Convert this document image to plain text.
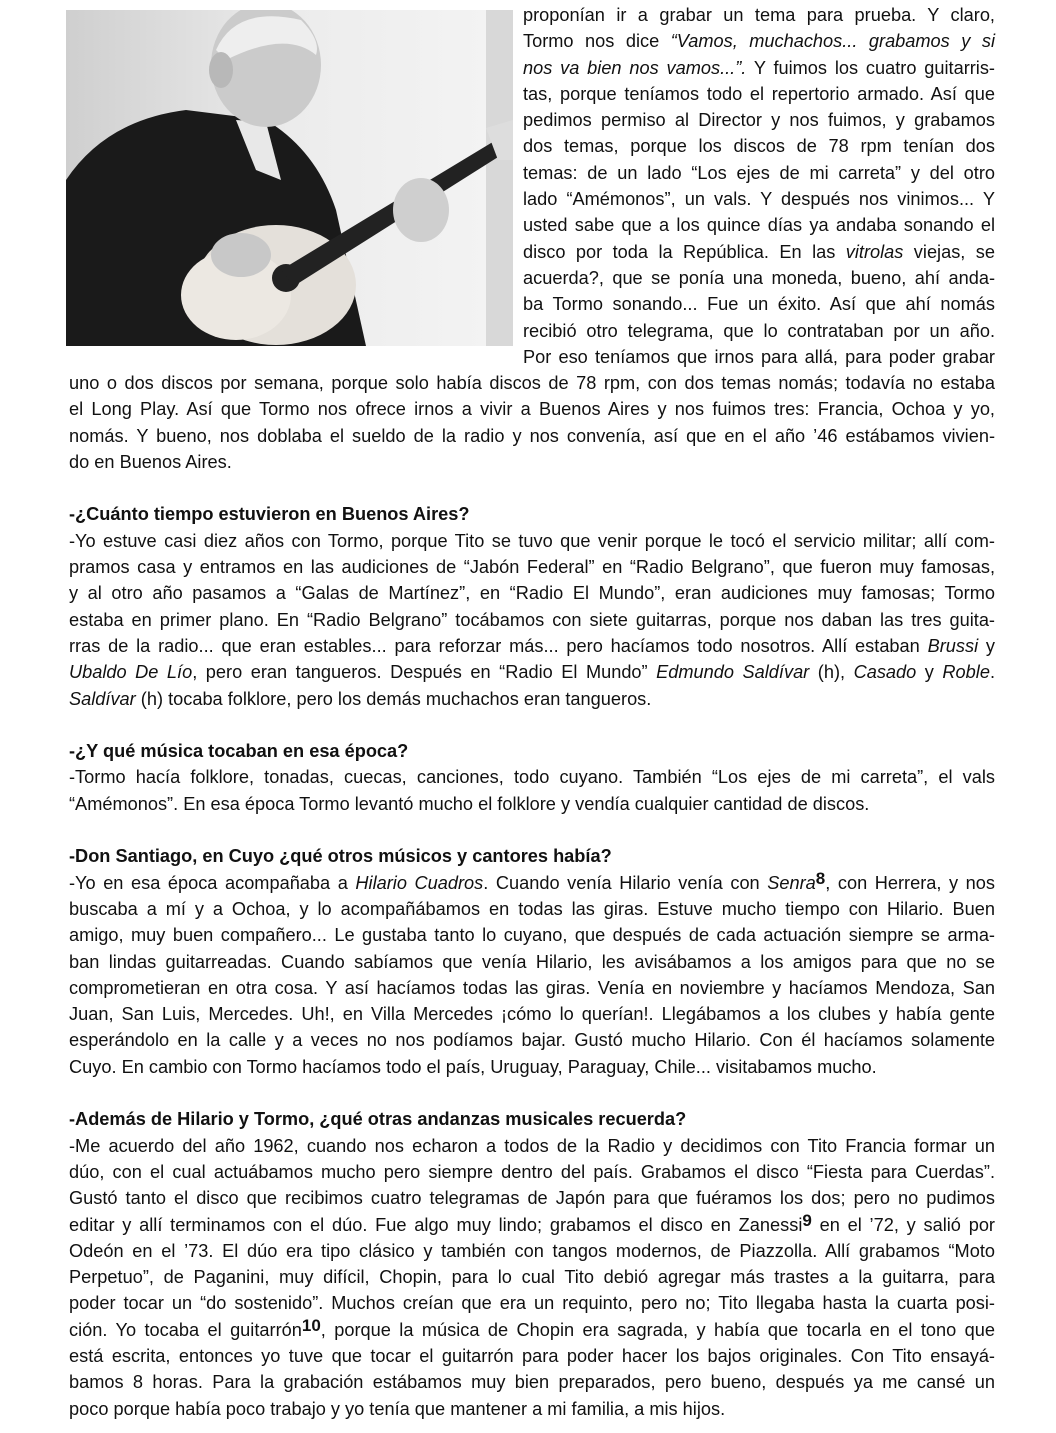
proponían ir a grabar un tema para prueba. Y claro,
Tormo nos dice “Vamos, muchachos... grabamos y si
nos va bien nos vamos...”. Y fuimos los cuatro guitarris-
tas, porque teníamos todo el repertorio armado. Así que
pedimos permiso al Director y nos fuimos, y grabamos
dos temas, porque los discos de 78 rpm tenían dos
temas: de un lado “Los ejes de mi carreta” y del otro
lado “Amémonos”, un vals. Y después nos vinimos... Y
usted sabe que a los quince días ya andaba sonando el
disco por toda la República. En las vitrolas viejas, se
acuerda?, que se ponía una moneda, bueno, ahí anda-
ba Tormo sonando... Fue un éxito. Así que ahí nomás
recibió otro telegrama, que lo contrataban por un año.
Por eso teníamos que irnos para allá, para poder grabar
uno o dos discos por semana, porque solo había discos de 78 rpm, con dos temas nomás; todavía no estaba
el Long Play. Así que Tormo nos ofrece irnos a vivir a Buenos Aires y nos fuimos tres: Francia, Ochoa y yo,
nomás. Y bueno, nos doblaba el sueldo de la radio y nos convenía, así que en el año ’46 estábamos vivien-
do en Buenos Aires.
-¿Cuánto tiempo estuvieron en Buenos Aires?
-Yo estuve casi diez años con Tormo, porque Tito se tuvo que venir porque le tocó el servicio militar; allí com-
pramos casa y entramos en las audiciones de “Jabón Federal” en “Radio Belgrano”, que fueron muy famosas,
y al otro año pasamos a “Galas de Martínez”, en “Radio El Mundo”, eran audiciones muy famosas; Tormo
estaba en primer plano. En “Radio Belgrano” tocábamos con siete guitarras, porque nos daban las tres guita-
rras de la radio... que eran estables... para reforzar más... pero hacíamos todo nosotros. Allí estaban Brussi y
Ubaldo De Lío, pero eran tangueros. Después en “Radio El Mundo” Edmundo Saldívar (h), Casado y Roble.
Saldívar (h) tocaba folklore, pero los demás muchachos eran tangueros.
-¿Y qué música tocaban en esa época?
-Tormo hacía folklore, tonadas, cuecas, canciones, todo cuyano. También “Los ejes de mi carreta”, el vals
“Amémonos”. En esa época Tormo levantó mucho el folklore y vendía cualquier cantidad de discos.
-Don Santiago, en Cuyo ¿qué otros músicos y cantores había?
-Yo en esa época acompañaba a Hilario Cuadros. Cuando venía Hilario venía con Senra8, con Herrera, y nos
buscaba a mí y a Ochoa, y lo acompañábamos en todas las giras. Estuve mucho tiempo con Hilario. Buen
amigo, muy buen compañero... Le gustaba tanto lo cuyano, que después de cada actuación siempre se arma-
ban lindas guitarreadas. Cuando sabíamos que venía Hilario, les avisábamos a los amigos para que no se
comprometieran en otra cosa. Y así hacíamos todas las giras. Venía en noviembre y hacíamos Mendoza, San
Juan, San Luis, Mercedes. Uh!, en Villa Mercedes ¡cómo lo querían!. Llegábamos a los clubes y había gente
esperándolo en la calle y a veces no nos podíamos bajar. Gustó mucho Hilario. Con él hacíamos solamente
Cuyo. En cambio con Tormo hacíamos todo el país, Uruguay, Paraguay, Chile... visitabamos mucho.
-Además de Hilario y Tormo, ¿qué otras andanzas musicales recuerda?
-Me acuerdo del año 1962, cuando nos echaron a todos de la Radio y decidimos con Tito Francia formar un
dúo, con el cual actuábamos mucho pero siempre dentro del país. Grabamos el disco “Fiesta para Cuerdas”.
Gustó tanto el disco que recibimos cuatro telegramas de Japón para que fuéramos los dos; pero no pudimos
editar y allí terminamos con el dúo. Fue algo muy lindo; grabamos el disco en Zanessi9 en el ’72, y salió por
Odeón en el ’73. El dúo era tipo clásico y también con tangos modernos, de Piazzolla. Allí grabamos “Moto
Perpetuo”, de Paganini, muy difícil, Chopin, para lo cual Tito debió agregar más trastes a la guitarra, para
poder tocar un “do sostenido”. Muchos creían que era un requinto, pero no; Tito llegaba hasta la cuarta posi-
ción. Yo tocaba el guitarrón10, porque la música de Chopin era sagrada, y había que tocarla en el tono que
está escrita, entonces yo tuve que tocar el guitarrón para poder hacer los bajos originales. Con Tito ensayá-
bamos 8 horas. Para la grabación estábamos muy bien preparados, pero bueno, después ya me cansé un
poco porque había poco trabajo y yo tenía que mantener a mi familia, a mis hijos.
